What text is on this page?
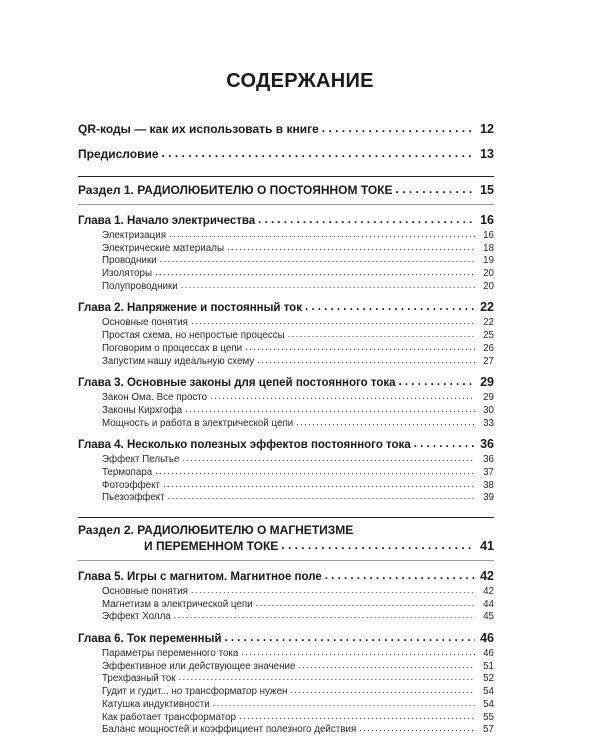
СОДЕРЖАНИЕ
QR-коды — как их использовать в книге . . .	12
Предисловие . . .	13
Раздел 1. РАДИОЛЮБИТЕЛЮ О ПОСТОЯННОМ ТОКЕ . . .	15
Глава 1. Начало электричества . . .	16
Электризация . . .	16
Электрические материалы . . .	18
Проводники . . .	19
Изоляторы . . .	20
Полупроводники . . .	20
Глава 2. Напряжение и постоянный ток . . .	22
Основные понятия . . .	22
Простая схема, но непростые процессы . . .	25
Поговорим о процессах в цепи . . .	26
Запустим нашу идеальную схему . . .	27
Глава 3. Основные законы для цепей постоянного тока . . .	29
Закон Ома. Все просто . . .	29
Законы Кирхгофа . . .	30
Мощность и работа в электрической цепи . . .	33
Глава 4. Несколько полезных эффектов постоянного тока . . .	36
Эффект Пельтье . . .	36
Термопара . . .	37
Фотоэффект . . .	38
Пьезоэффект . . .	39
Раздел 2. РАДИОЛЮБИТЕЛЮ О МАГНЕТИЗМЕ
И ПЕРЕМЕННОМ ТОКЕ . . .	41
Глава 5. Игры с магнитом. Магнитное поле . . .	42
Основные понятия . . .	42
Магнетизм в электрической цепи . . .	44
Эффект Холла . . .	45
Глава 6. Ток переменный . . .	46
Параметры переменного тока . . .	46
Эффективное или действующее значение . . .	51
Трехфазный ток . . .	52
Гудит и гудит... но трансформатор нужен . . .	54
Катушка индуктивности . . .	54
Как работает трансформатор . . .	55
Баланс мощностей и коэффициент полезного действия . . .	57
